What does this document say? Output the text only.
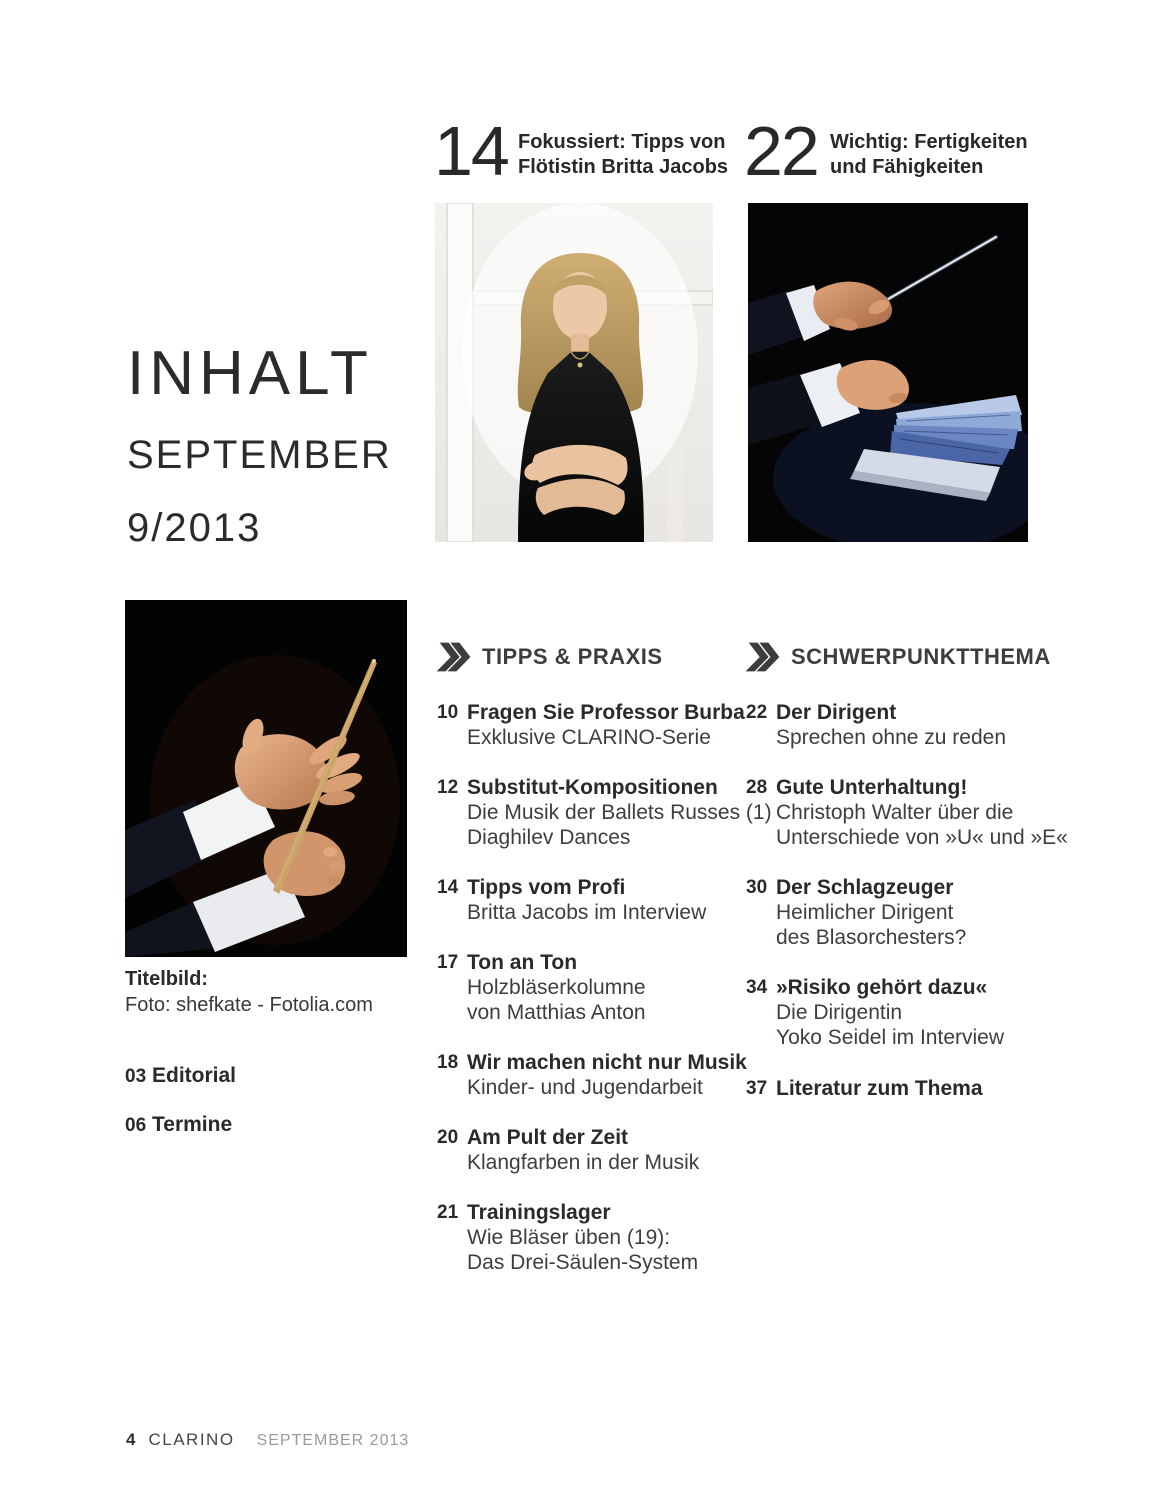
14 Fokussiert: Tipps von
Flötistin Britta Jacobs 22 Wichtig: Fertigkeiten
und Fähigkeiten
INHALT
SEPTEMBER
9/2013
Titelbild:
Foto: shefkate - Fotolia.com
03 Editorial
06 Termine
TIPPS & PRAXIS	SCHWERPUNKTTHEMA
10 Fragen Sie Professor Burba
Exklusive CLARINO-Serie
12 Substitut-Kompositionen
Die Musik der Ballets Russes (1)
Diaghilev Dances
14 Tipps vom Profi
Britta Jacobs im Interview
17 Ton an Ton
Holzbläserkolumne
von Matthias Anton
18 Wir machen nicht nur Musik
Kinder- und Jugendarbeit
20 Am Pult der Zeit
Klangfarben in der Musik
21 Trainingslager
Wie Bläser üben (19):
Das Drei-Säulen-System
22 Der Dirigent
Sprechen ohne zu reden
28 Gute Unterhaltung!
Christoph Walter über die
Unterschiede von »U« und »E«
30 Der Schlagzeuger
Heimlicher Dirigent
des Blasorchesters?
34 »Risiko gehört dazu«
Die Dirigentin
Yoko Seidel im Interview
37 Literatur zum Thema
4 CLARINO SEPTEMBER 2013
